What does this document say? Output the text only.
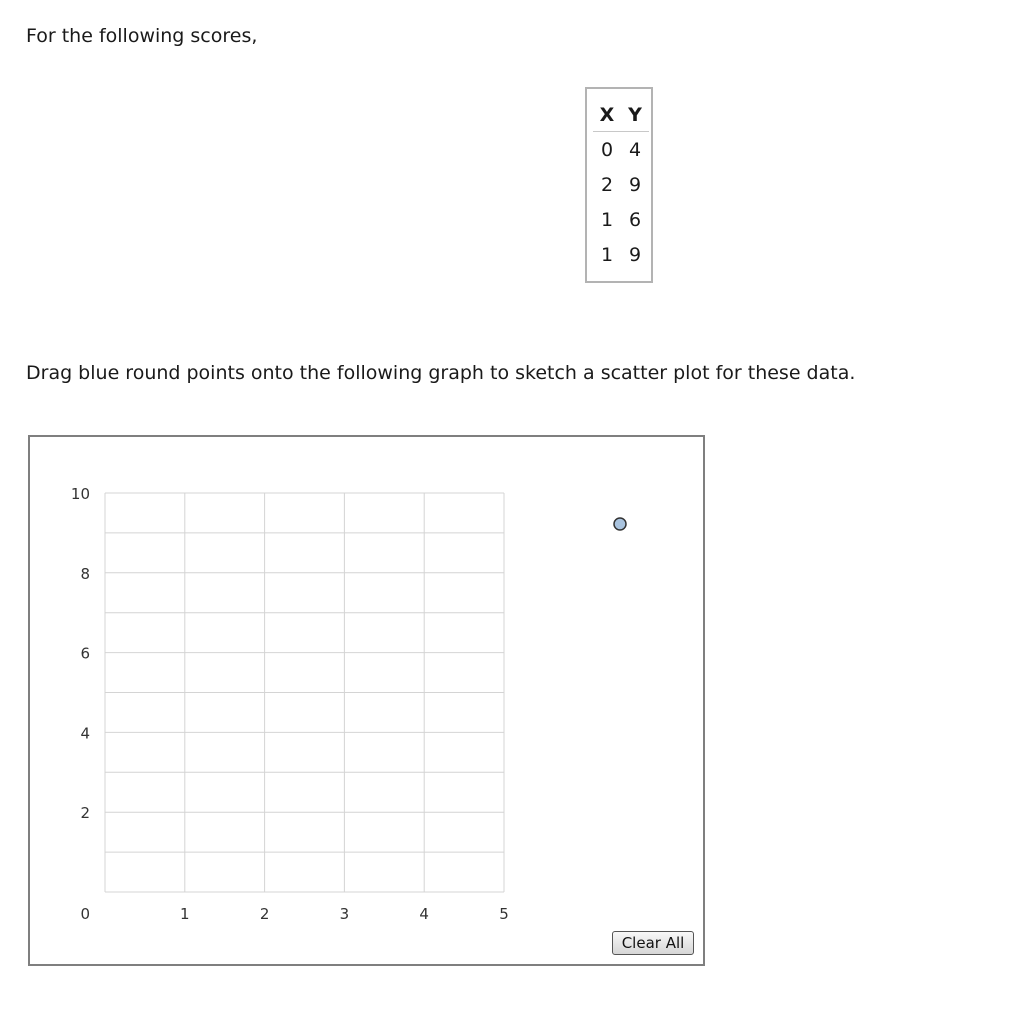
For the following scores,
X	Y
0	4
2	9
1	6
1	9
Drag blue round points onto the following graph to sketch a scatter plot for these data.
1	2	3	4	5
2
4
6
8
10
0
Clear All
